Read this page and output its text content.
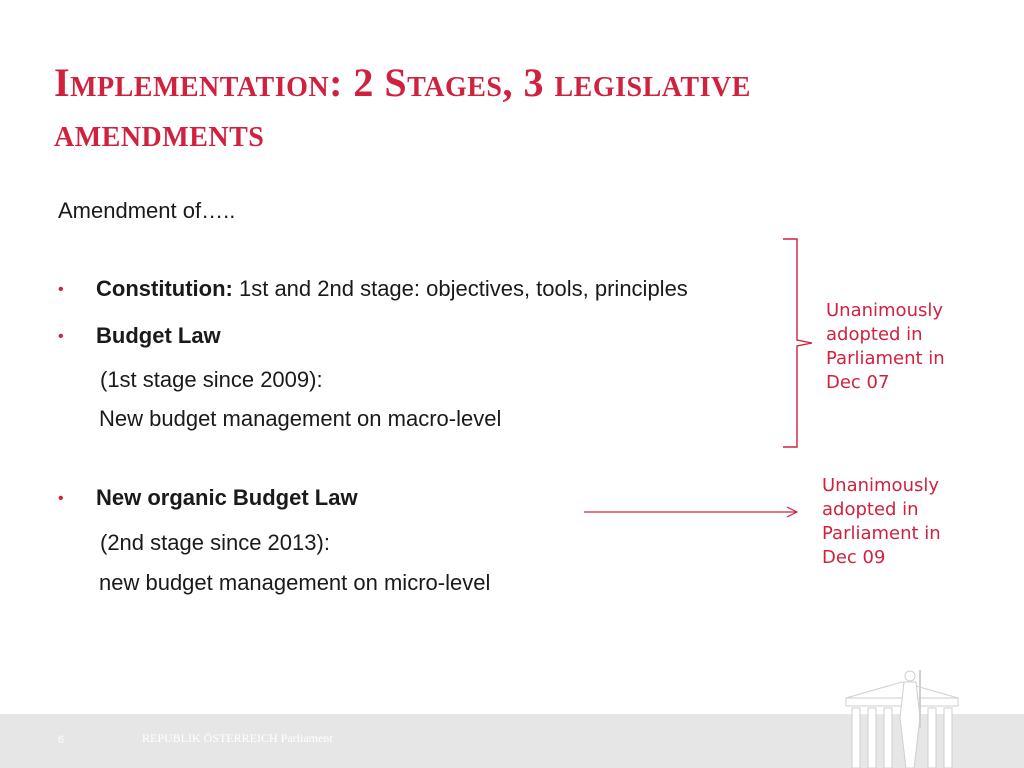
Implementation: 2 Stages, 3 legislative amendments
Amendment of…..
• Constitution: 1st and 2nd stage: objectives, tools, principles
• Budget Law
(1st stage since 2009):
New budget management on macro-level
• New organic Budget Law
(2nd stage since 2013):
new budget management on micro-level
Unanimously
adopted in
Parliament in
Dec 07
Unanimously
adopted in
Parliament in
Dec 09
6	REPUBLIK ÖSTERREICH Parliament
